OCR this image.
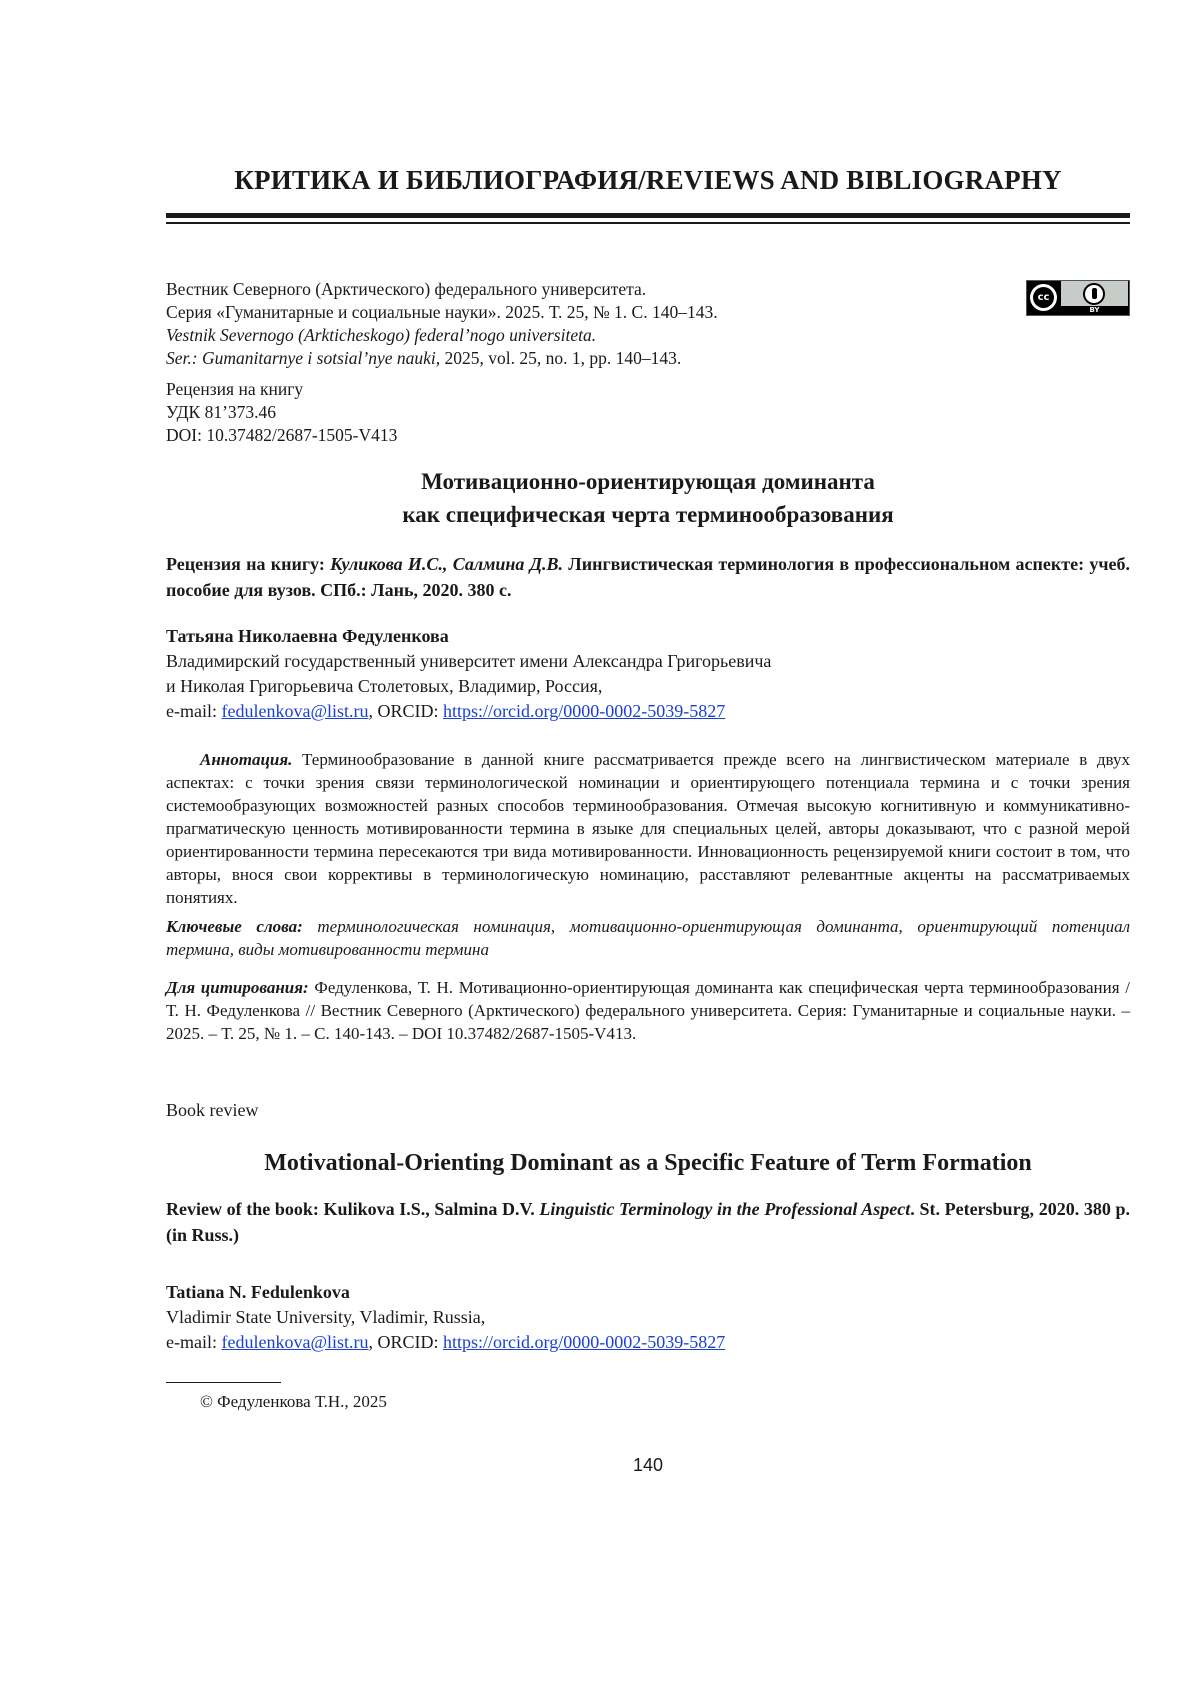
КРИТИКА И БИБЛИОГРАФИЯ/REVIEWS AND BIBLIOGRAPHY

Вестник Северного (Арктического) федерального университета.

Серия «Гуманитарные и социальные науки». 2025. Т. 25, № 1. С. 140–143.

Vestnik Severnogo (Arkticheskogo) federal’nogo universiteta.

Ser.: Gumanitarnye i sotsial’nye nauki, 2025, vol. 25, no. 1, pp. 140–143.

cc
BY

Рецензия на книгу

УДК 81’373.46

DOI: 10.37482/2687-1505-V413

Мотивационно-ориентирующая доминанта
как специфическая черта терминообразования

Рецензия на книгу: Куликова И.С., Салмина Д.В. Лингвистическая терминология в профессиональном аспекте: учеб. пособие для вузов. СПб.: Лань, 2020. 380 с.

Татьяна Николаевна Федуленкова

Владимирский государственный университет имени Александра Григорьевича

и Николая Григорьевича Столетовых, Владимир, Россия,

e-mail: fedulenkova@list.ru, ORCID: https://orcid.org/0000-0002-5039-5827

Аннотация. Терминообразование в данной книге рассматривается прежде всего на лингвистическом материале в двух аспектах: с точки зрения связи терминологической номинации и ориентирующего потенциала термина и с точки зрения системообразующих возможностей разных способов терминообразования. Отмечая высокую когнитивную и коммуникативно-прагматическую ценность мотивированности термина в языке для специальных целей, авторы доказывают, что с разной мерой ориентированности термина пересекаются три вида мотивированности. Инновационность рецензируемой книги состоит в том, что авторы, внося свои коррективы в терминологическую номинацию, расставляют релевантные акценты на рассматриваемых понятиях.

Ключевые слова: терминологическая номинация, мотивационно-ориентирующая доминанта, ориентирующий потенциал термина, виды мотивированности термина

Для цитирования: Федуленкова, Т. Н. Мотивационно-ориентирующая доминанта как специфическая черта терминообразования / Т. Н. Федуленкова // Вестник Северного (Арктического) федерального университета. Серия: Гуманитарные и социальные науки. – 2025. – Т. 25, № 1. – С. 140-143. – DOI 10.37482/2687-1505-V413.

Book review

Motivational-Orienting Dominant as a Specific Feature of Term Formation

Review of the book: Kulikova I.S., Salmina D.V. Linguistic Terminology in the Professional Aspect. St. Petersburg, 2020. 380 p. (in Russ.)

Tatiana N. Fedulenkova

Vladimir State University, Vladimir, Russia,

e-mail: fedulenkova@list.ru, ORCID: https://orcid.org/0000-0002-5039-5827

© Федуленкова Т.Н., 2025

140
